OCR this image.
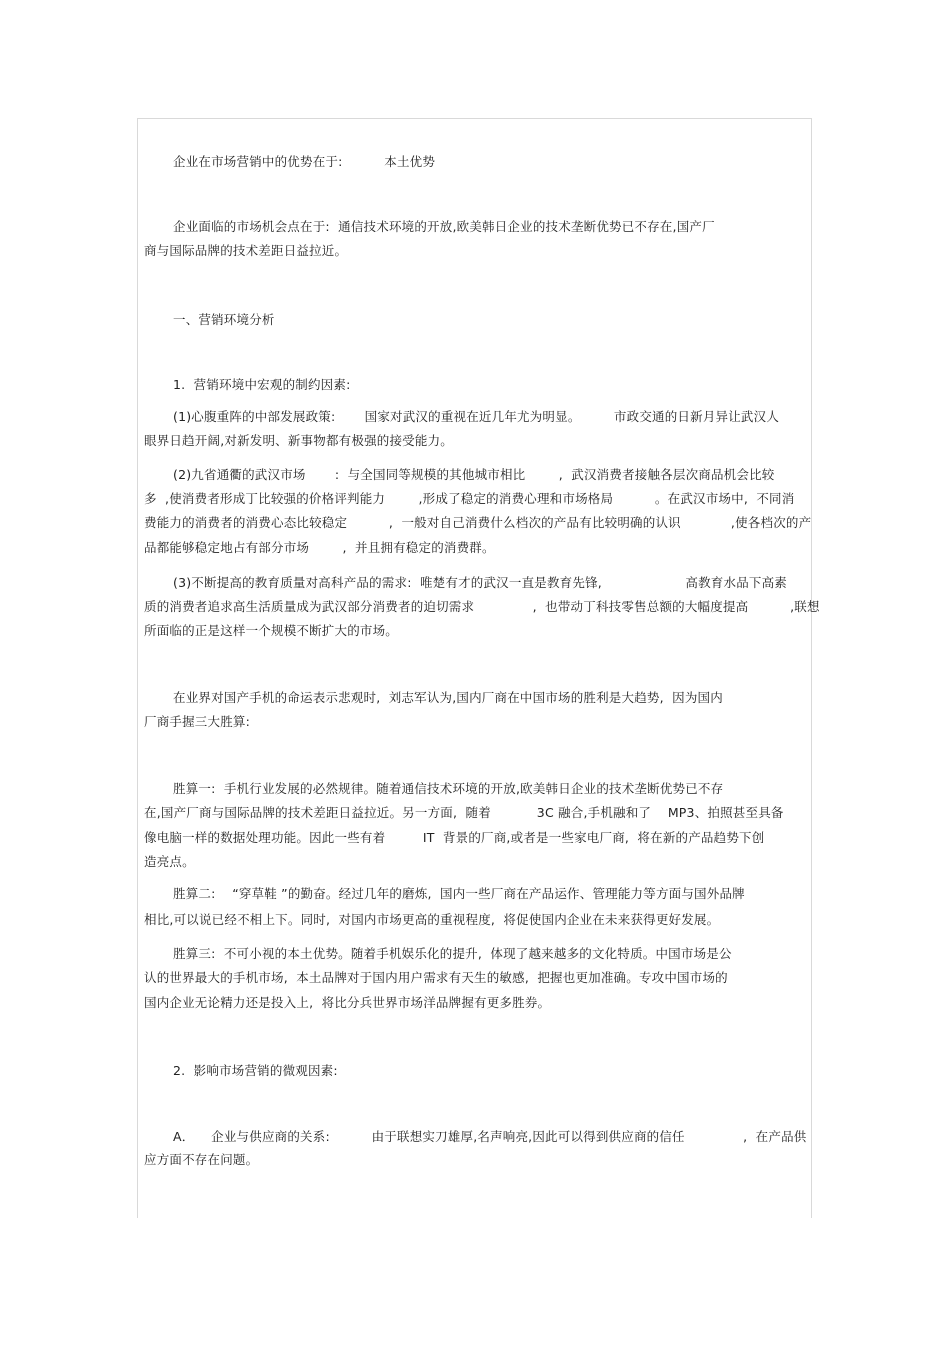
企业在市场营销中的优势在于:          本土优势
企业面临的市场机会点在于:  通信技术环境的开放,欧美韩日企业的技术垄断优势已不存在,国产厂
商与国际品牌的技术差距日益拉近。
一、营销环境分析
1.  营销环境中宏观的制约因素:
(1)心腹重阵的中部发展政策:       国家对武汉的重视在近几年尤为明显。        市政交通的日新月异让武汉人
眼界日趋开阔,对新发明、新事物都有极强的接受能力。
(2)九省通衢的武汉市场       :  与全国同等规模的其他城市相比        ,  武汉消费者接触各层次商品机会比较
多  ,使消费者形成丁比较强的价格评判能力        ,形成了稳定的消费心理和市场格局          。在武汉市场中,  不同消
费能力的消费者的消费心态比较稳定          ,  一般对自己消费什么档次的产品有比较明确的认识            ,使各档次的产
品都能够稳定地占有部分市场        ,  并且拥有稳定的消费群。
(3)不断提高的教育质量对高科产品的需求:  唯楚有才的武汉一直是教育先锋,                    高教育水品下高素
质的消费者追求高生活质量成为武汉部分消费者的迫切需求              ,  也带动丁科技零售总额的大幅度提高          ,联想
所面临的正是这样一个规模不断扩大的市场。
在业界对国产手机的命运表示悲观时,  刘志军认为,国内厂商在中国市场的胜利是大趋势,  因为国内
厂商手握三大胜算:
胜算一:  手机行业发展的必然规律。随着通信技术环境的开放,欧美韩日企业的技术垄断优势已不存
在,国产厂商与国际品牌的技术差距日益拉近。另一方面,  随着           3C 融合,手机融和了    MP3、拍照甚至具备
像电脑一样的数据处理功能。因此一些有着         IT  背景的厂商,或者是一些家电厂商,  将在新的产品趋势下创
造亮点。
胜算二:    “穿草鞋 ”的勤奋。经过几年的磨炼,  国内一些厂商在产品运作、管理能力等方面与国外品牌
相比,可以说已经不相上下。同时,  对国内市场更高的重视程度,  将促使国内企业在未来获得更好发展。
胜算三:  不可小视的本土优势。随着手机娱乐化的提升,  体现了越来越多的文化特质。中国市场是公
认的世界最大的手机市场,  本土品牌对于国内用户需求有天生的敏感,  把握也更加准确。专攻中国市场的
国内企业无论精力还是投入上,  将比分兵世界市场洋品牌握有更多胜券。
2.  影响市场营销的微观因素:
A．    企业与供应商的关系:          由于联想实刀雄厚,名声响亮,因此可以得到供应商的信任              ,  在产品供
应方面不存在问题。
